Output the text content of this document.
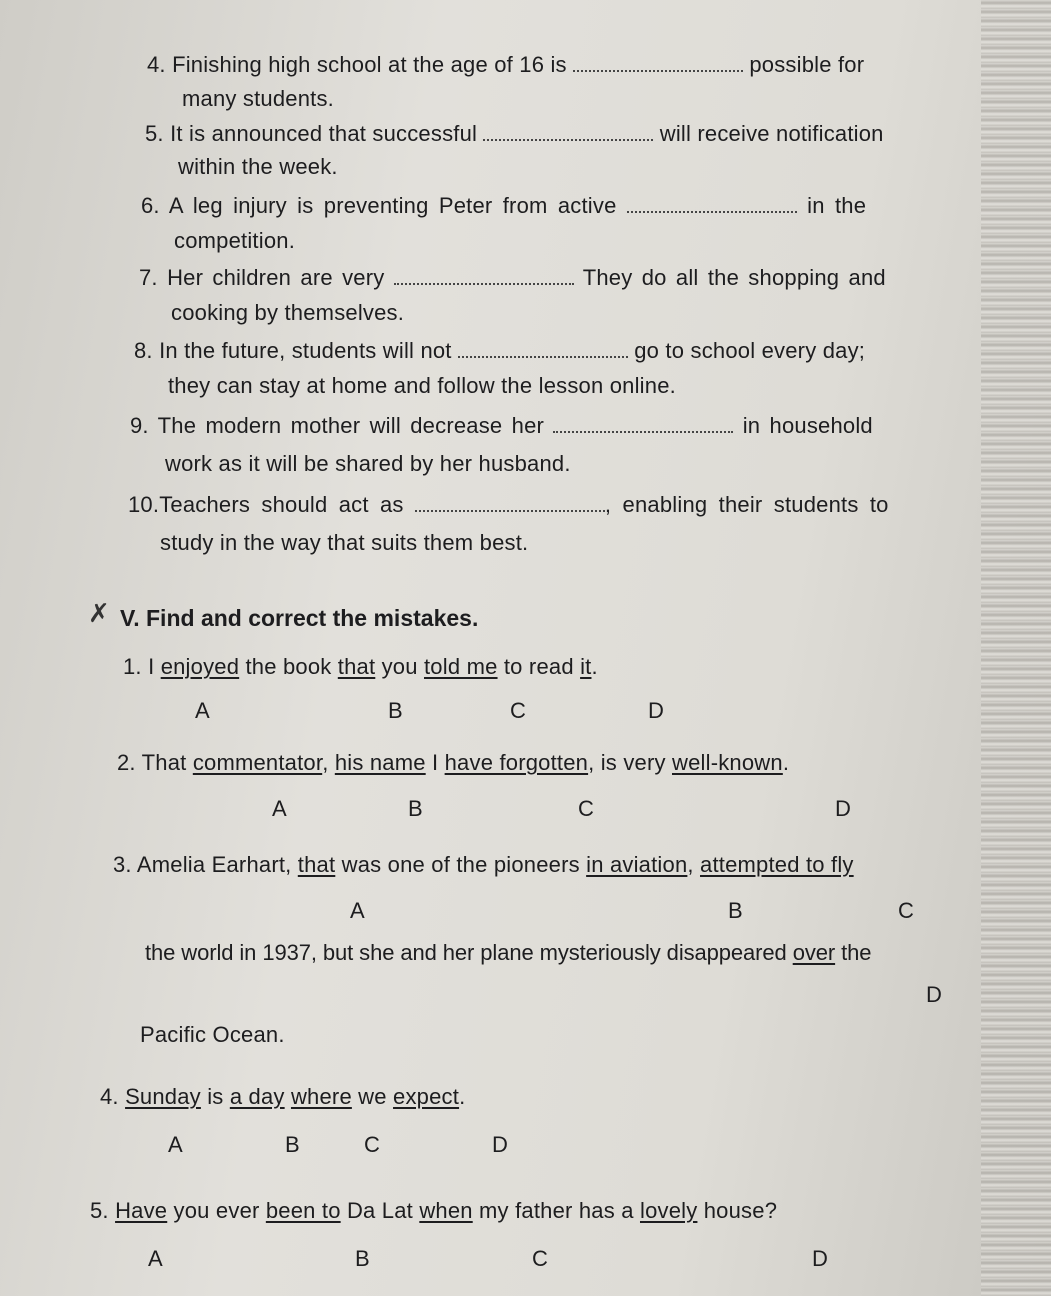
4. Finishing high school at the age of 16 is	possible for
many students.
5. It is announced that successful	will receive notification
within the week.
6. A leg injury is preventing Peter from active	in the
competition.
7. Her children are very	They do all the shopping and
cooking by themselves.
8. In the future, students will not	go to school every day;
they can stay at home and follow the lesson online.
9. The modern mother will decrease her	in household
work as it will be shared by her husband.
10.Teachers should act as	, enabling their students to
study in the way that suits them best.
✗ V. Find and correct the mistakes.
1. I enjoyed the book that you told me to read it.
A	B	C	D
2. That commentator, his name I have forgotten, is very well-known.
A	B	C	D
3. Amelia Earhart, that was one of the pioneers in aviation, attempted to fly
A	B	C
the world in 1937, but she and her plane mysteriously disappeared over the
D
Pacific Ocean.
4. Sunday is a day where we expect.
A	B	C	D
5. Have you ever been to Da Lat when my father has a lovely house?
A	B	C	D
